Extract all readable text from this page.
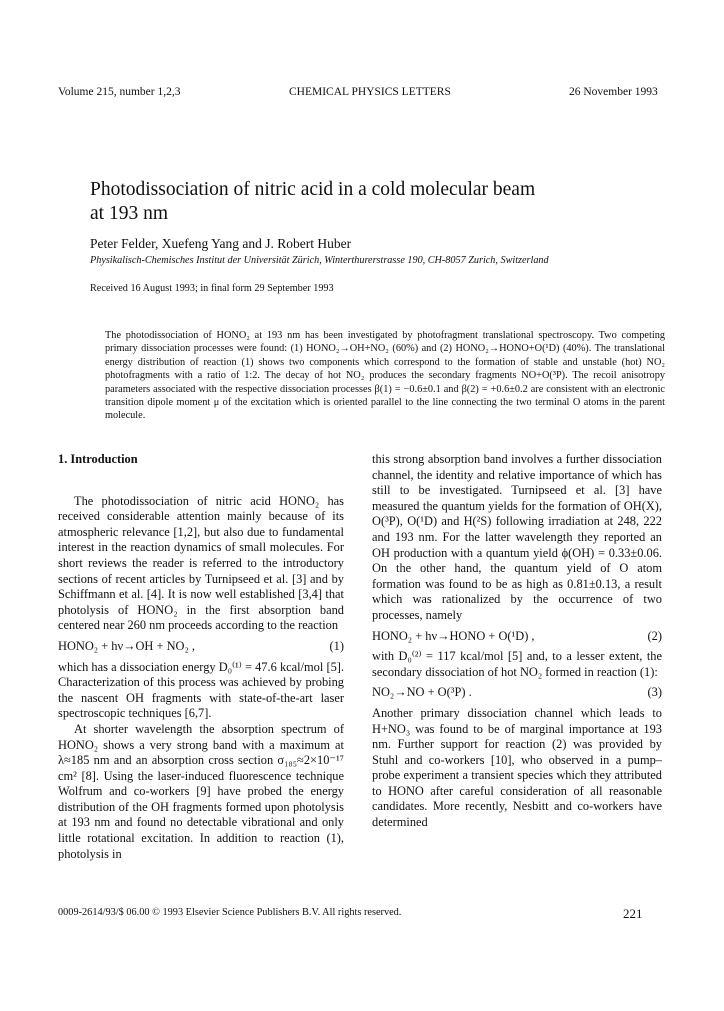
Volume 215, number 1,2,3	CHEMICAL PHYSICS LETTERS	26 November 1993
Photodissociation of nitric acid in a cold molecular beam
at 193 nm
Peter Felder, Xuefeng Yang and J. Robert Huber
Physikalisch-Chemisches Institut der Universität Zürich, Winterthurerstrasse 190, CH-8057 Zurich, Switzerland
Received 16 August 1993; in final form 29 September 1993
The photodissociation of HONO₂ at 193 nm has been investigated by photofragment translational spectroscopy. Two competing primary dissociation processes were found: (1) HONO₂→OH+NO₂ (60%) and (2) HONO₂→HONO+O(¹D) (40%). The translational energy distribution of reaction (1) shows two components which correspond to the formation of stable and unstable (hot) NO₂ photofragments with a ratio of 1:2. The decay of hot NO₂ produces the secondary fragments NO+O(³P). The recoil anisotropy parameters associated with the respective dissociation processes β(1) = −0.6±0.1 and β(2) = +0.6±0.2 are consistent with an electronic transition dipole moment μ of the excitation which is oriented parallel to the line connecting the two terminal O atoms in the parent molecule.

1. Introduction

The photodissociation of nitric acid HONO₂ has received considerable attention mainly because of its atmospheric relevance [1,2], but also due to fundamental interest in the reaction dynamics of small molecules. For short reviews the reader is referred to the introductory sections of recent articles by Turnipseed et al. [3] and by Schiffmann et al. [4]. It is now well established [3,4] that photolysis of HONO₂ in the first absorption band centered near 260 nm proceeds according to the reaction

HONO₂ + hν→OH + NO₂ ,	(1)

which has a dissociation energy D₀⁽¹⁾ = 47.6 kcal/mol [5]. Characterization of this process was achieved by probing the nascent OH fragments with state-of-the-art laser spectroscopic techniques [6,7].

At shorter wavelength the absorption spectrum of HONO₂ shows a very strong band with a maximum at λ≈185 nm and an absorption cross section σ₁₈₅≈2×10⁻¹⁷ cm² [8]. Using the laser-induced fluorescence technique Wolfrum and co-workers [9] have probed the energy distribution of the OH fragments formed upon photolysis at 193 nm and found no detectable vibrational and only little rotational excitation. In addition to reaction (1), photolysis in

this strong absorption band involves a further dissociation channel, the identity and relative importance of which has still to be investigated. Turnipseed et al. [3] have measured the quantum yields for the formation of OH(X), O(³P), O(¹D) and H(²S) following irradiation at 248, 222 and 193 nm. For the latter wavelength they reported an OH production with a quantum yield ϕ(OH) = 0.33±0.06. On the other hand, the quantum yield of O atom formation was found to be as high as 0.81±0.13, a result which was rationalized by the occurrence of two processes, namely

HONO₂ + hν→HONO + O(¹D) ,	(2)

with D₀⁽²⁾ = 117 kcal/mol [5] and, to a lesser extent, the secondary dissociation of hot NO₂ formed in reaction (1):

NO₂→NO + O(³P) .	(3)

Another primary dissociation channel which leads to H+NO₃ was found to be of marginal importance at 193 nm. Further support for reaction (2) was provided by Stuhl and co-workers [10], who observed in a pump–probe experiment a transient species which they attributed to HONO after careful consideration of all reasonable candidates. More recently, Nesbitt and co-workers have determined

0009-2614/93/$ 06.00 © 1993 Elsevier Science Publishers B.V. All rights reserved.	221
